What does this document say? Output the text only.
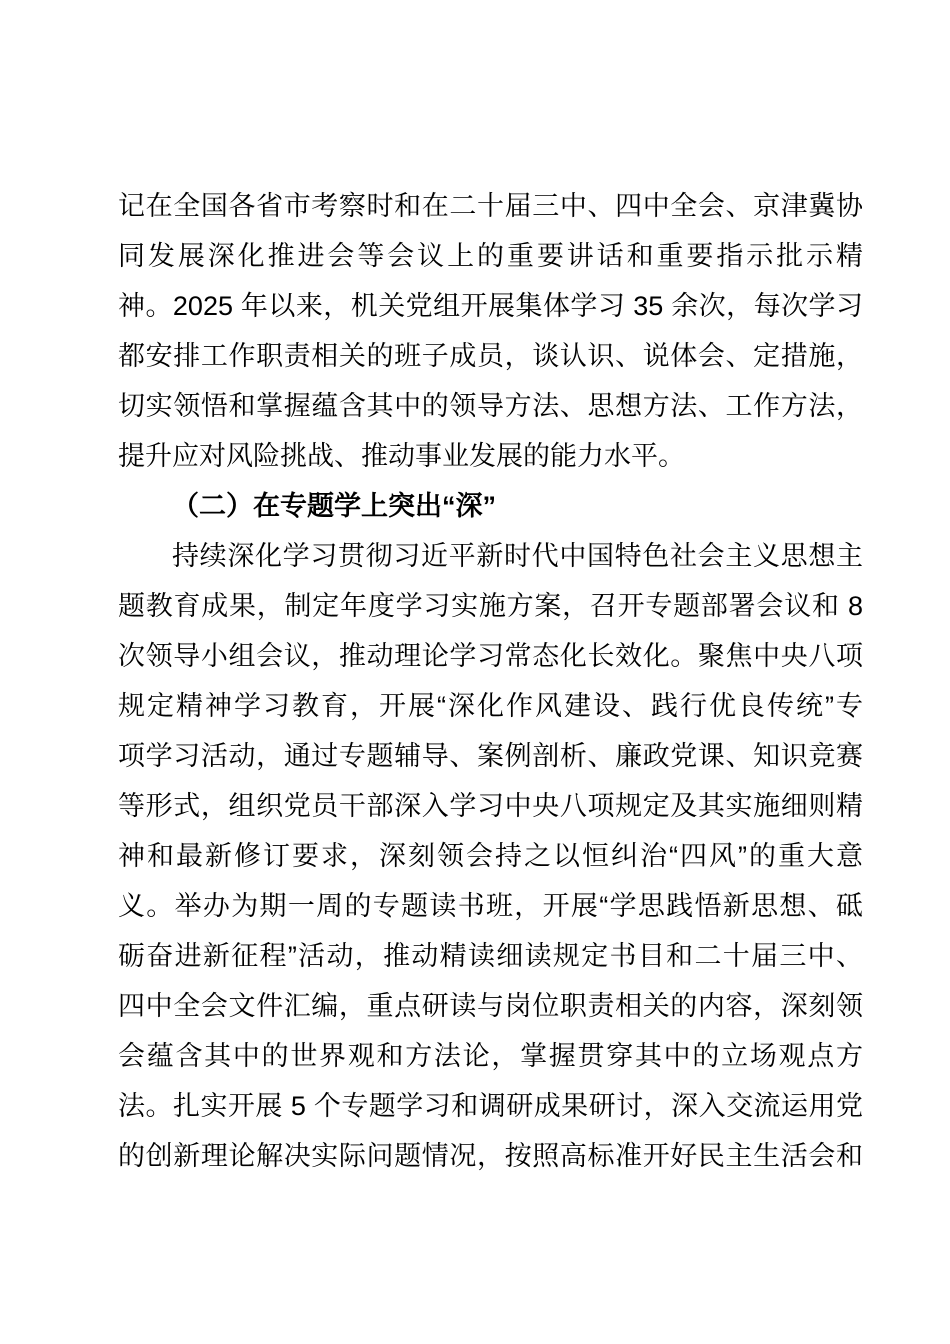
记在全国各省市考察时和在二十届三中、四中全会、京津冀协
同发展深化推进会等会议上的重要讲话和重要指示批示精
神。2025 年以来，机关党组开展集体学习 35 余次，每次学习
都安排工作职责相关的班子成员，谈认识、说体会、定措施，
切实领悟和掌握蕴含其中的领导方法、思想方法、工作方法，
提升应对风险挑战、推动事业发展的能力水平。
（二）在专题学上突出“深”
持续深化学习贯彻习近平新时代中国特色社会主义思想主
题教育成果，制定年度学习实施方案，召开专题部署会议和 8
次领导小组会议，推动理论学习常态化长效化。聚焦中央八项
规定精神学习教育，开展“深化作风建设、践行优良传统”专
项学习活动，通过专题辅导、案例剖析、廉政党课、知识竞赛
等形式，组织党员干部深入学习中央八项规定及其实施细则精
神和最新修订要求，深刻领会持之以恒纠治“四风”的重大意
义。举办为期一周的专题读书班，开展“学思践悟新思想、砥
砺奋进新征程”活动，推动精读细读规定书目和二十届三中、
四中全会文件汇编，重点研读与岗位职责相关的内容，深刻领
会蕴含其中的世界观和方法论，掌握贯穿其中的立场观点方
法。扎实开展 5 个专题学习和调研成果研讨，深入交流运用党
的创新理论解决实际问题情况，按照高标准开好民主生活会和
